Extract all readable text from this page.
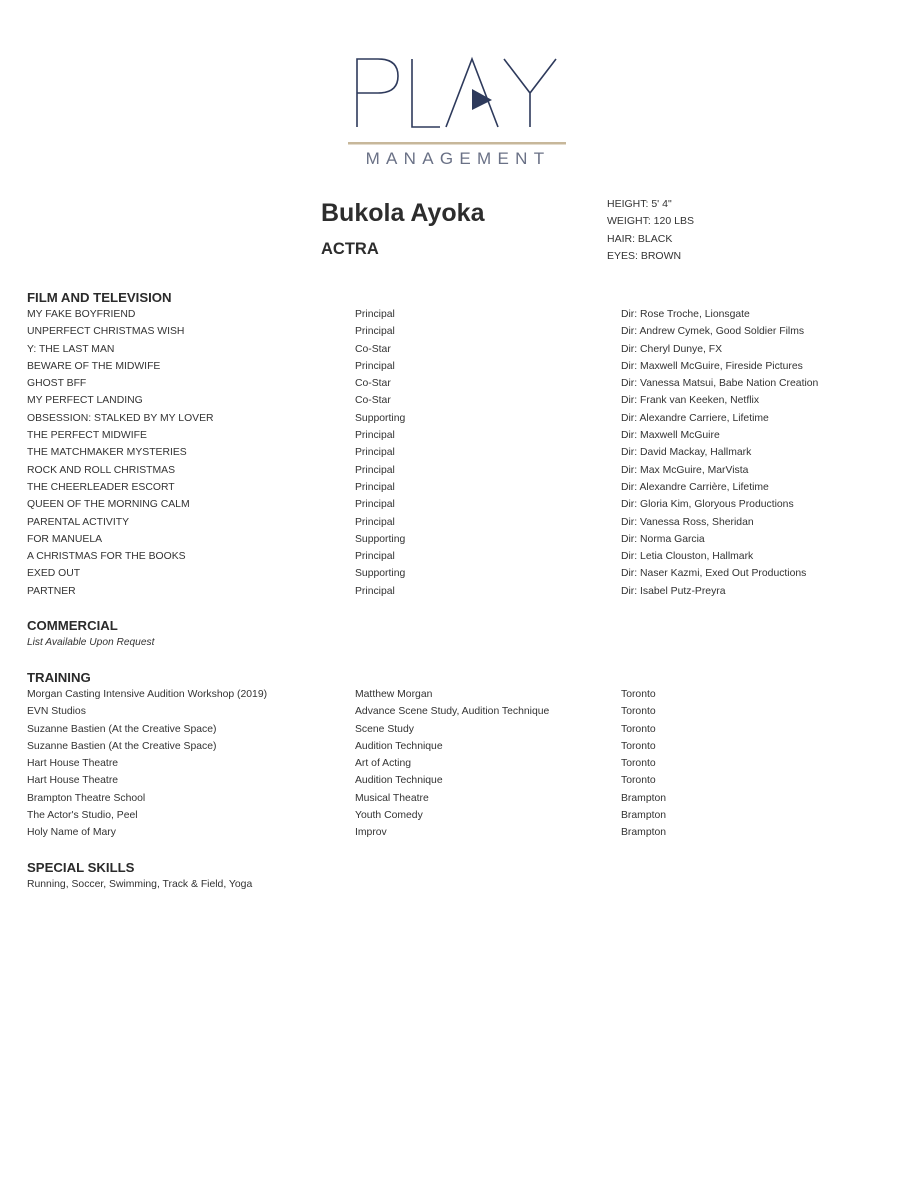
MANAGEMENT
Bukola Ayoka
ACTRA
HEIGHT: 5' 4"
WEIGHT: 120 LBS
HAIR: BLACK
EYES: BROWN
FILM AND TELEVISION
MY FAKE BOYFRIEND	Principal	Dir: Rose Troche, Lionsgate
UNPERFECT CHRISTMAS WISH	Principal	Dir: Andrew Cymek, Good Soldier Films
Y: THE LAST MAN	Co-Star	Dir: Cheryl Dunye, FX
BEWARE OF THE MIDWIFE	Principal	Dir: Maxwell McGuire, Fireside Pictures
GHOST BFF	Co-Star	Dir: Vanessa Matsui, Babe Nation Creation
MY PERFECT LANDING	Co-Star	Dir: Frank van Keeken, Netflix
OBSESSION: STALKED BY MY LOVER	Supporting	Dir: Alexandre Carriere, Lifetime
THE PERFECT MIDWIFE	Principal	Dir: Maxwell McGuire
THE MATCHMAKER MYSTERIES	Principal	Dir: David Mackay, Hallmark
ROCK AND ROLL CHRISTMAS	Principal	Dir: Max McGuire, MarVista
THE CHEERLEADER ESCORT	Principal	Dir: Alexandre Carrière, Lifetime
QUEEN OF THE MORNING CALM	Principal	Dir: Gloria Kim, Gloryous Productions
PARENTAL ACTIVITY	Principal	Dir: Vanessa Ross, Sheridan
FOR MANUELA	Supporting	Dir: Norma Garcia
A CHRISTMAS FOR THE BOOKS	Principal	Dir: Letia Clouston, Hallmark
EXED OUT	Supporting	Dir: Naser Kazmi, Exed Out Productions
PARTNER	Principal	Dir: Isabel Putz-Preyra
COMMERCIAL
List Available Upon Request
TRAINING
Morgan Casting Intensive Audition Workshop (2019)	Matthew Morgan	Toronto
EVN Studios	Advance Scene Study, Audition Technique	Toronto
Suzanne Bastien (At the Creative Space)	Scene Study	Toronto
Suzanne Bastien (At the Creative Space)	Audition Technique	Toronto
Hart House Theatre	Art of Acting	Toronto
Hart House Theatre	Audition Technique	Toronto
Brampton Theatre School	Musical Theatre	Brampton
The Actor's Studio, Peel	Youth Comedy	Brampton
Holy Name of Mary	Improv	Brampton
SPECIAL SKILLS
Running, Soccer, Swimming, Track & Field, Yoga
